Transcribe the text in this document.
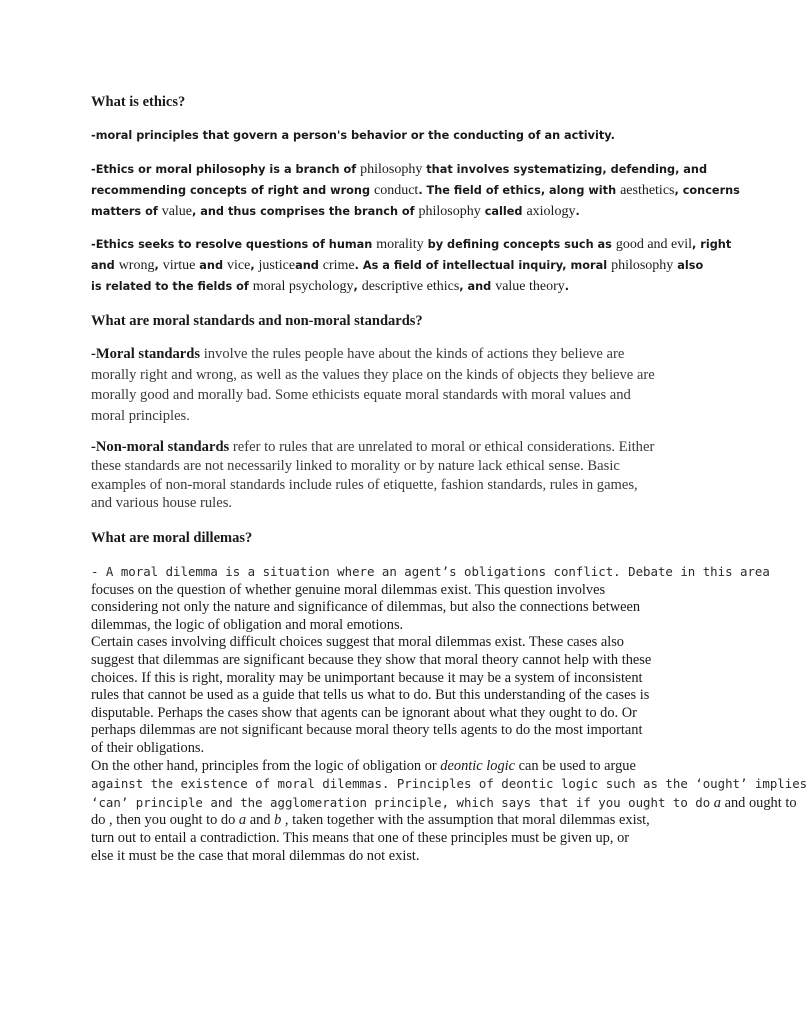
What is ethics?
-moral principles that govern a person's behavior or the conducting of an activity.
-Ethics or moral philosophy is a branch of philosophy that involves systematizing, defending, and
recommending concepts of right and wrong conduct. The field of ethics, along with aesthetics, concerns
matters of value, and thus comprises the branch of philosophy called axiology.
-Ethics seeks to resolve questions of human morality by defining concepts such as good and evil, right
and wrong, virtue and vice, justiceand crime. As a field of intellectual inquiry, moral philosophy also
is related to the fields of moral psychology, descriptive ethics, and value theory.
What are moral standards and non-moral standards?
-Moral standards involve the rules people have about the kinds of actions they believe are
morally right and wrong, as well as the values they place on the kinds of objects they believe are
morally good and morally bad. Some ethicists equate moral standards with moral values and
moral principles.
-Non-moral standards refer to rules that are unrelated to moral or ethical considerations. Either
these standards are not necessarily linked to morality or by nature lack ethical sense. Basic
examples of non-moral standards include rules of etiquette, fashion standards, rules in games,
and various house rules.
What are moral dillemas?
- A moral dilemma is a situation where an agent’s obligations conflict. Debate in this area
focuses on the question of whether genuine moral dilemmas exist. This question involves
considering not only the nature and significance of dilemmas, but also the connections between
dilemmas, the logic of obligation and moral emotions.
Certain cases involving difficult choices suggest that moral dilemmas exist. These cases also
suggest that dilemmas are significant because they show that moral theory cannot help with these
choices. If this is right, morality may be unimportant because it may be a system of inconsistent
rules that cannot be used as a guide that tells us what to do. But this understanding of the cases is
disputable. Perhaps the cases show that agents can be ignorant about what they ought to do. Or
perhaps dilemmas are not significant because moral theory tells agents to do the most important
of their obligations.
On the other hand, principles from the logic of obligation or deontic logic can be used to argue
against the existence of moral dilemmas. Principles of deontic logic such as the ‘ought’ implies
‘can’ principle and the agglomeration principle, which says that if you ought to do a and ought to
do , then you ought to do a and b , taken together with the assumption that moral dilemmas exist,
turn out to entail a contradiction. This means that one of these principles must be given up, or
else it must be the case that moral dilemmas do not exist.
